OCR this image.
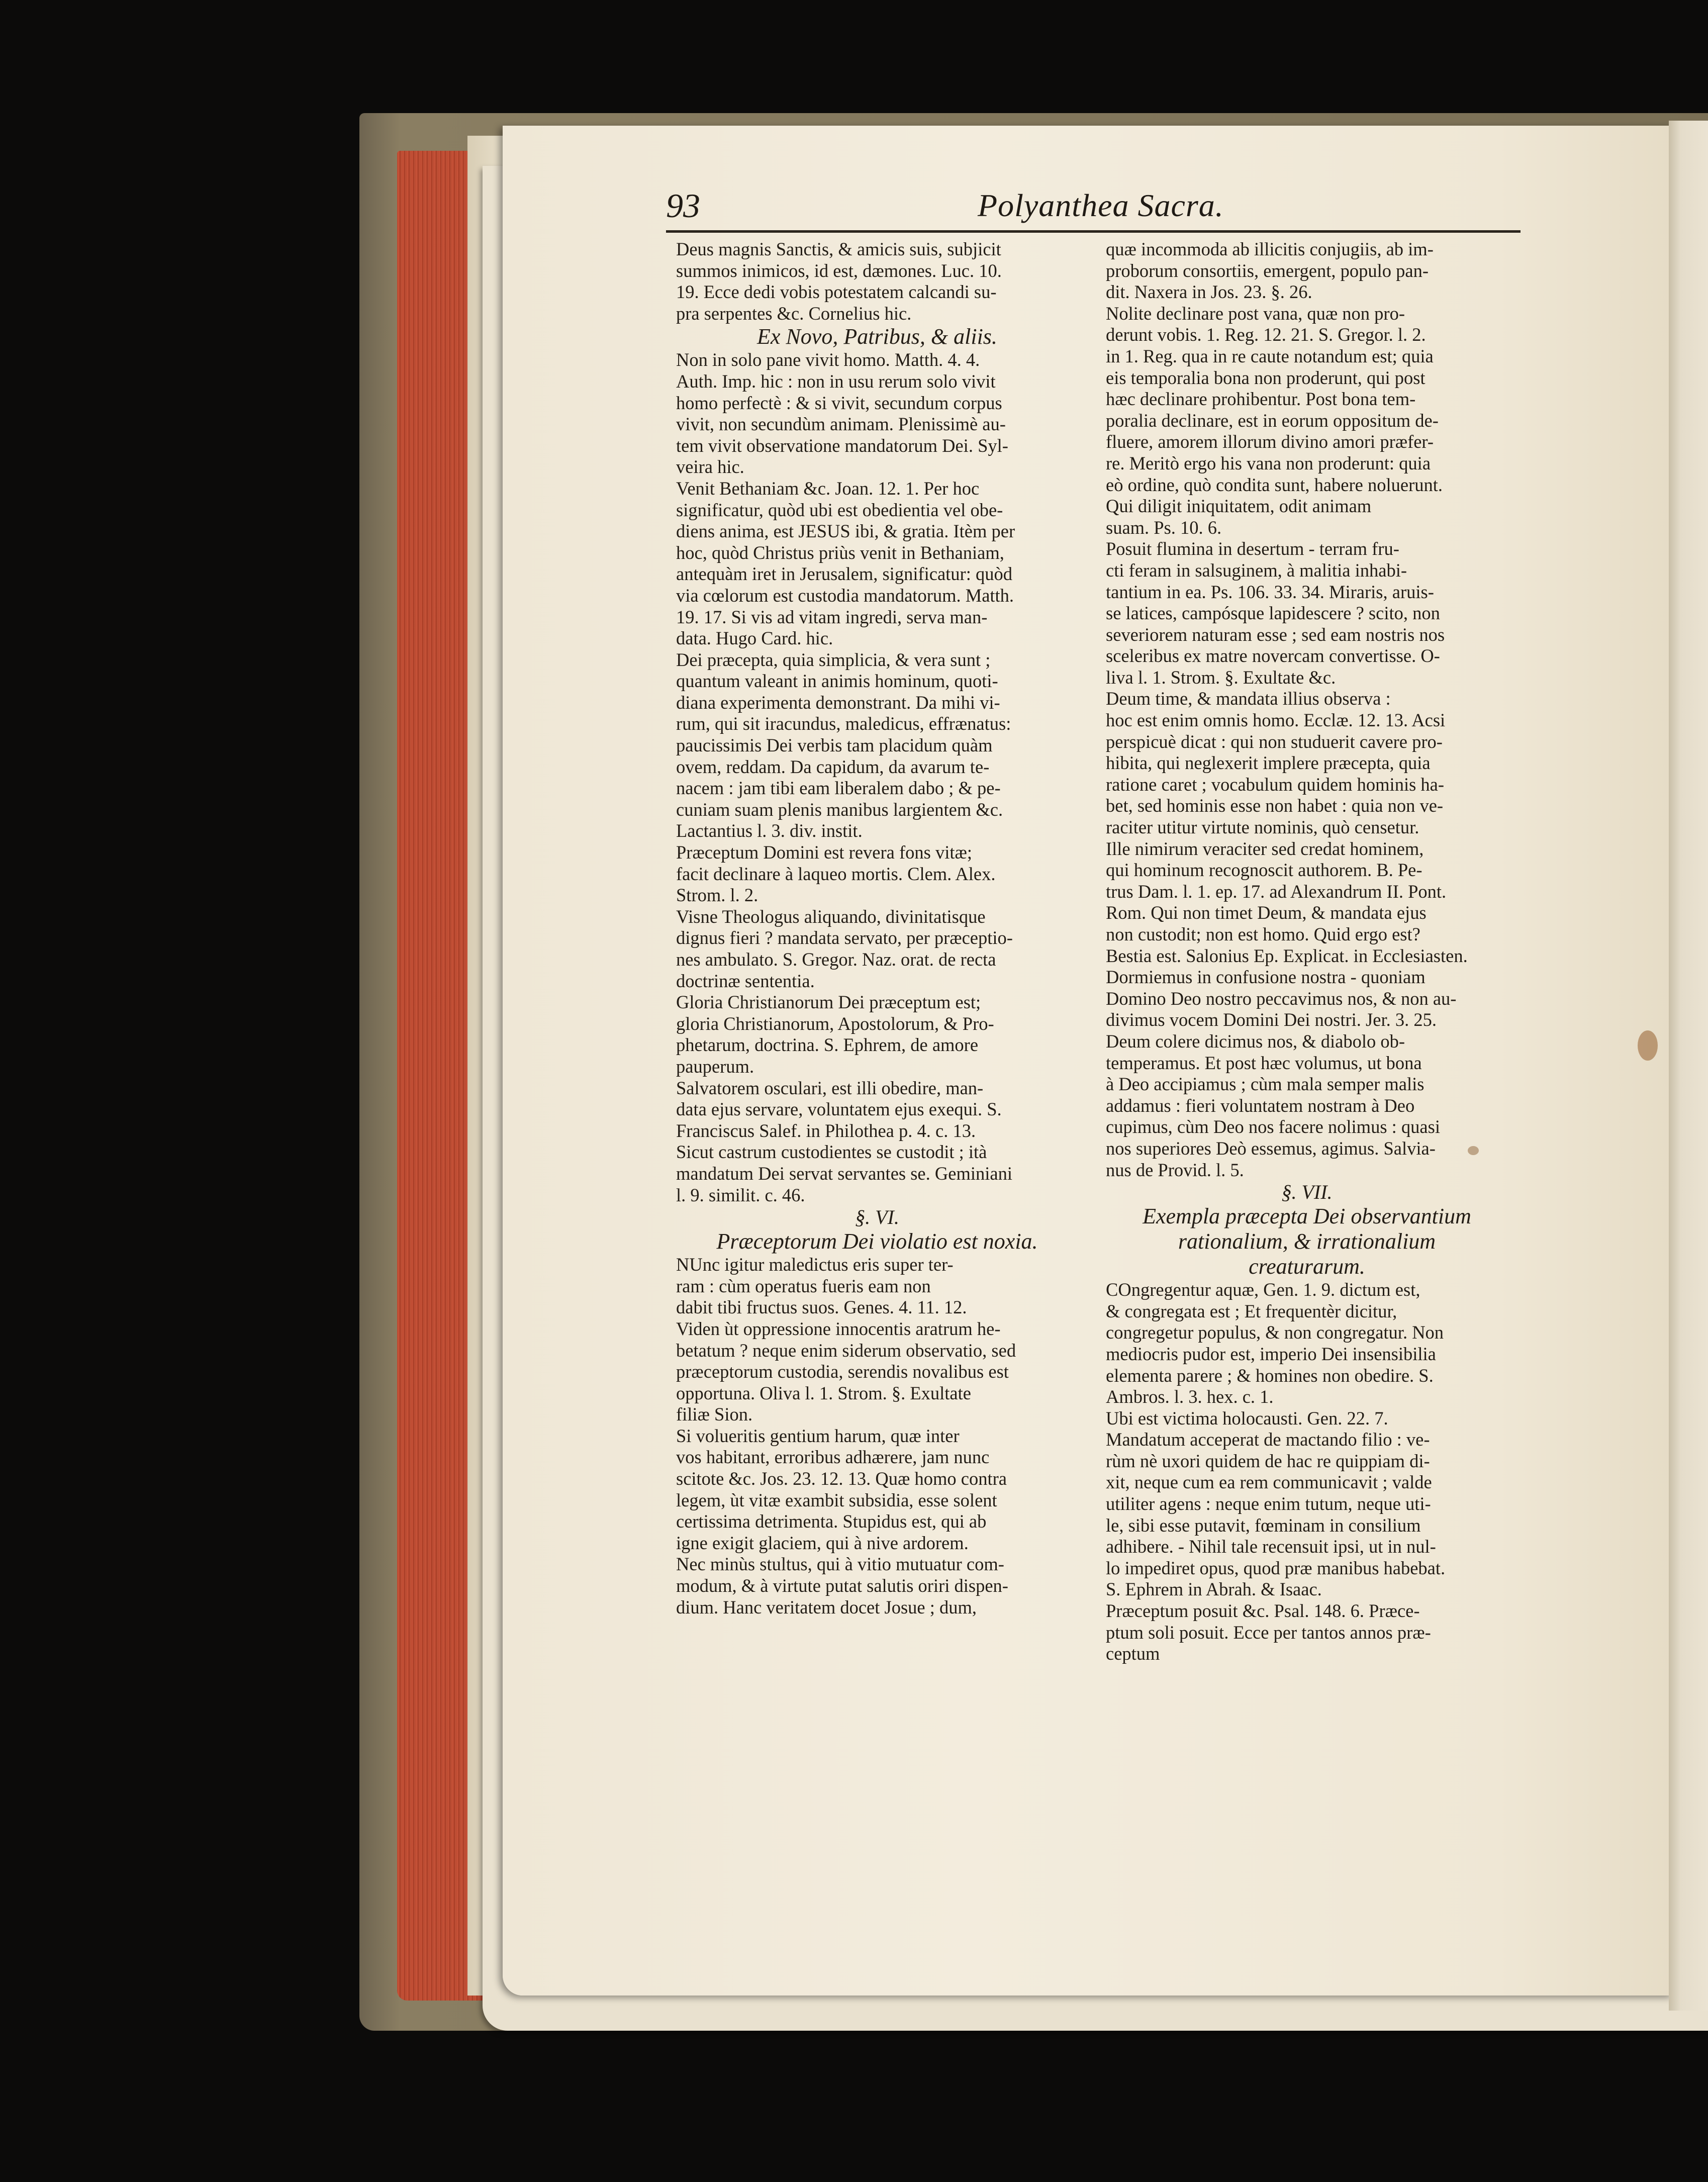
93	Polyanthea Sacra.
Deus magnis Sanctis, & amicis suis, subjicit
summos inimicos, id est, dæmones. Luc. 10.
19. Ecce dedi vobis potestatem calcandi su-
pra serpentes &c. Cornelius hic.
Ex Novo, Patribus, & aliis.
Non in solo pane vivit homo. Matth. 4. 4.
Auth. Imp. hic : non in usu rerum solo vivit
homo perfectè : & si vivit, secundum corpus
vivit, non secundùm animam. Plenissimè au-
tem vivit observatione mandatorum Dei. Syl-
veira hic.
Venit Bethaniam &c. Joan. 12. 1. Per hoc
significatur, quòd ubi est obedientia vel obe-
diens anima, est JESUS ibi, & gratia. Itèm per
hoc, quòd Christus priùs venit in Bethaniam,
antequàm iret in Jerusalem, significatur: quòd
via cœlorum est custodia mandatorum. Matth.
19. 17. Si vis ad vitam ingredi, serva man-
data. Hugo Card. hic.
Dei præcepta, quia simplicia, & vera sunt ;
quantum valeant in animis hominum, quoti-
diana experimenta demonstrant. Da mihi vi-
rum, qui sit iracundus, maledicus, effrænatus:
paucissimis Dei verbis tam placidum quàm
ovem, reddam. Da capidum, da avarum te-
nacem : jam tibi eam liberalem dabo ; & pe-
cuniam suam plenis manibus largientem &c.
Lactantius l. 3. div. instit.
Præceptum Domini est revera fons vitæ;
facit declinare à laqueo mortis. Clem. Alex.
Strom. l. 2.
Visne Theologus aliquando, divinitatisque
dignus fieri ? mandata servato, per præceptio-
nes ambulato. S. Gregor. Naz. orat. de recta
doctrinæ sententia.
Gloria Christianorum Dei præceptum est;
gloria Christianorum, Apostolorum, & Pro-
phetarum, doctrina. S. Ephrem, de amore
pauperum.
Salvatorem osculari, est illi obedire, man-
data ejus servare, voluntatem ejus exequi. S.
Franciscus Salef. in Philothea p. 4. c. 13.
Sicut castrum custodientes se custodit ; ità
mandatum Dei servat servantes se. Geminiani
l. 9. similit. c. 46.
§. VI.
Præceptorum Dei violatio est noxia.
NUnc igitur maledictus eris super ter-
ram : cùm operatus fueris eam non
dabit tibi fructus suos. Genes. 4. 11. 12.
Viden ùt oppressione innocentis aratrum he-
betatum ? neque enim siderum observatio, sed
præceptorum custodia, serendis novalibus est
opportuna. Oliva l. 1. Strom. §. Exultate
filiæ Sion.
Si volueritis gentium harum, quæ inter
vos habitant, erroribus adhærere, jam nunc
scitote &c. Jos. 23. 12. 13. Quæ homo contra
legem, ùt vitæ exambit subsidia, esse solent
certissima detrimenta. Stupidus est, qui ab
igne exigit glaciem, qui à nive ardorem.
Nec minùs stultus, qui à vitio mutuatur com-
modum, & à virtute putat salutis oriri dispen-
dium. Hanc veritatem docet Josue ; dum,
quæ incommoda ab illicitis conjugiis, ab im-
proborum consortiis, emergent, populo pan-
dit. Naxera in Jos. 23. §. 26.
Nolite declinare post vana, quæ non pro-
derunt vobis. 1. Reg. 12. 21. S. Gregor. l. 2.
in 1. Reg. qua in re caute notandum est; quia
eis temporalia bona non proderunt, qui post
hæc declinare prohibentur. Post bona tem-
poralia declinare, est in eorum oppositum de-
fluere, amorem illorum divino amori præfer-
re. Meritò ergo his vana non proderunt: quia
eò ordine, quò condita sunt, habere noluerunt.
Qui diligit iniquitatem, odit animam
suam. Ps. 10. 6.
Posuit flumina in desertum - terram fru-
cti feram in salsuginem, à malitia inhabi-
tantium in ea. Ps. 106. 33. 34. Miraris, aruis-
se latices, campósque lapidescere ? scito, non
severiorem naturam esse ; sed eam nostris nos
sceleribus ex matre novercam convertisse. O-
liva l. 1. Strom. §. Exultate &c.
Deum time, & mandata illius observa :
hoc est enim omnis homo. Ecclæ. 12. 13. Acsi
perspicuè dicat : qui non studuerit cavere pro-
hibita, qui neglexerit implere præcepta, quia
ratione caret ; vocabulum quidem hominis ha-
bet, sed hominis esse non habet : quia non ve-
raciter utitur virtute nominis, quò censetur.
Ille nimirum veraciter sed credat hominem,
qui hominum recognoscit authorem. B. Pe-
trus Dam. l. 1. ep. 17. ad Alexandrum II. Pont.
Rom. Qui non timet Deum, & mandata ejus
non custodit; non est homo. Quid ergo est?
Bestia est. Salonius Ep. Explicat. in Ecclesiasten.
Dormiemus in confusione nostra - quoniam
Domino Deo nostro peccavimus nos, & non au-
divimus vocem Domini Dei nostri. Jer. 3. 25.
Deum colere dicimus nos, & diabolo ob-
temperamus. Et post hæc volumus, ut bona
à Deo accipiamus ; cùm mala semper malis
addamus : fieri voluntatem nostram à Deo
cupimus, cùm Deo nos facere nolimus : quasi
nos superiores Deò essemus, agimus. Salvia-
nus de Provid. l. 5.
§. VII.
Exempla præcepta Dei observantium
rationalium, & irrationalium
creaturarum.
COngregentur aquæ, Gen. 1. 9. dictum est,
& congregata est ; Et frequentèr dicitur,
congregetur populus, & non congregatur. Non
mediocris pudor est, imperio Dei insensibilia
elementa parere ; & homines non obedire. S.
Ambros. l. 3. hex. c. 1.
Ubi est victima holocausti. Gen. 22. 7.
Mandatum acceperat de mactando filio : ve-
rùm nè uxori quidem de hac re quippiam di-
xit, neque cum ea rem communicavit ; valde
utiliter agens : neque enim tutum, neque uti-
le, sibi esse putavit, fœminam in consilium
adhibere. - Nihil tale recensuit ipsi, ut in nul-
lo impediret opus, quod præ manibus habebat.
S. Ephrem in Abrah. & Isaac.
Præceptum posuit &c. Psal. 148. 6. Præce-
ptum soli posuit. Ecce per tantos annos præ-
ceptum
